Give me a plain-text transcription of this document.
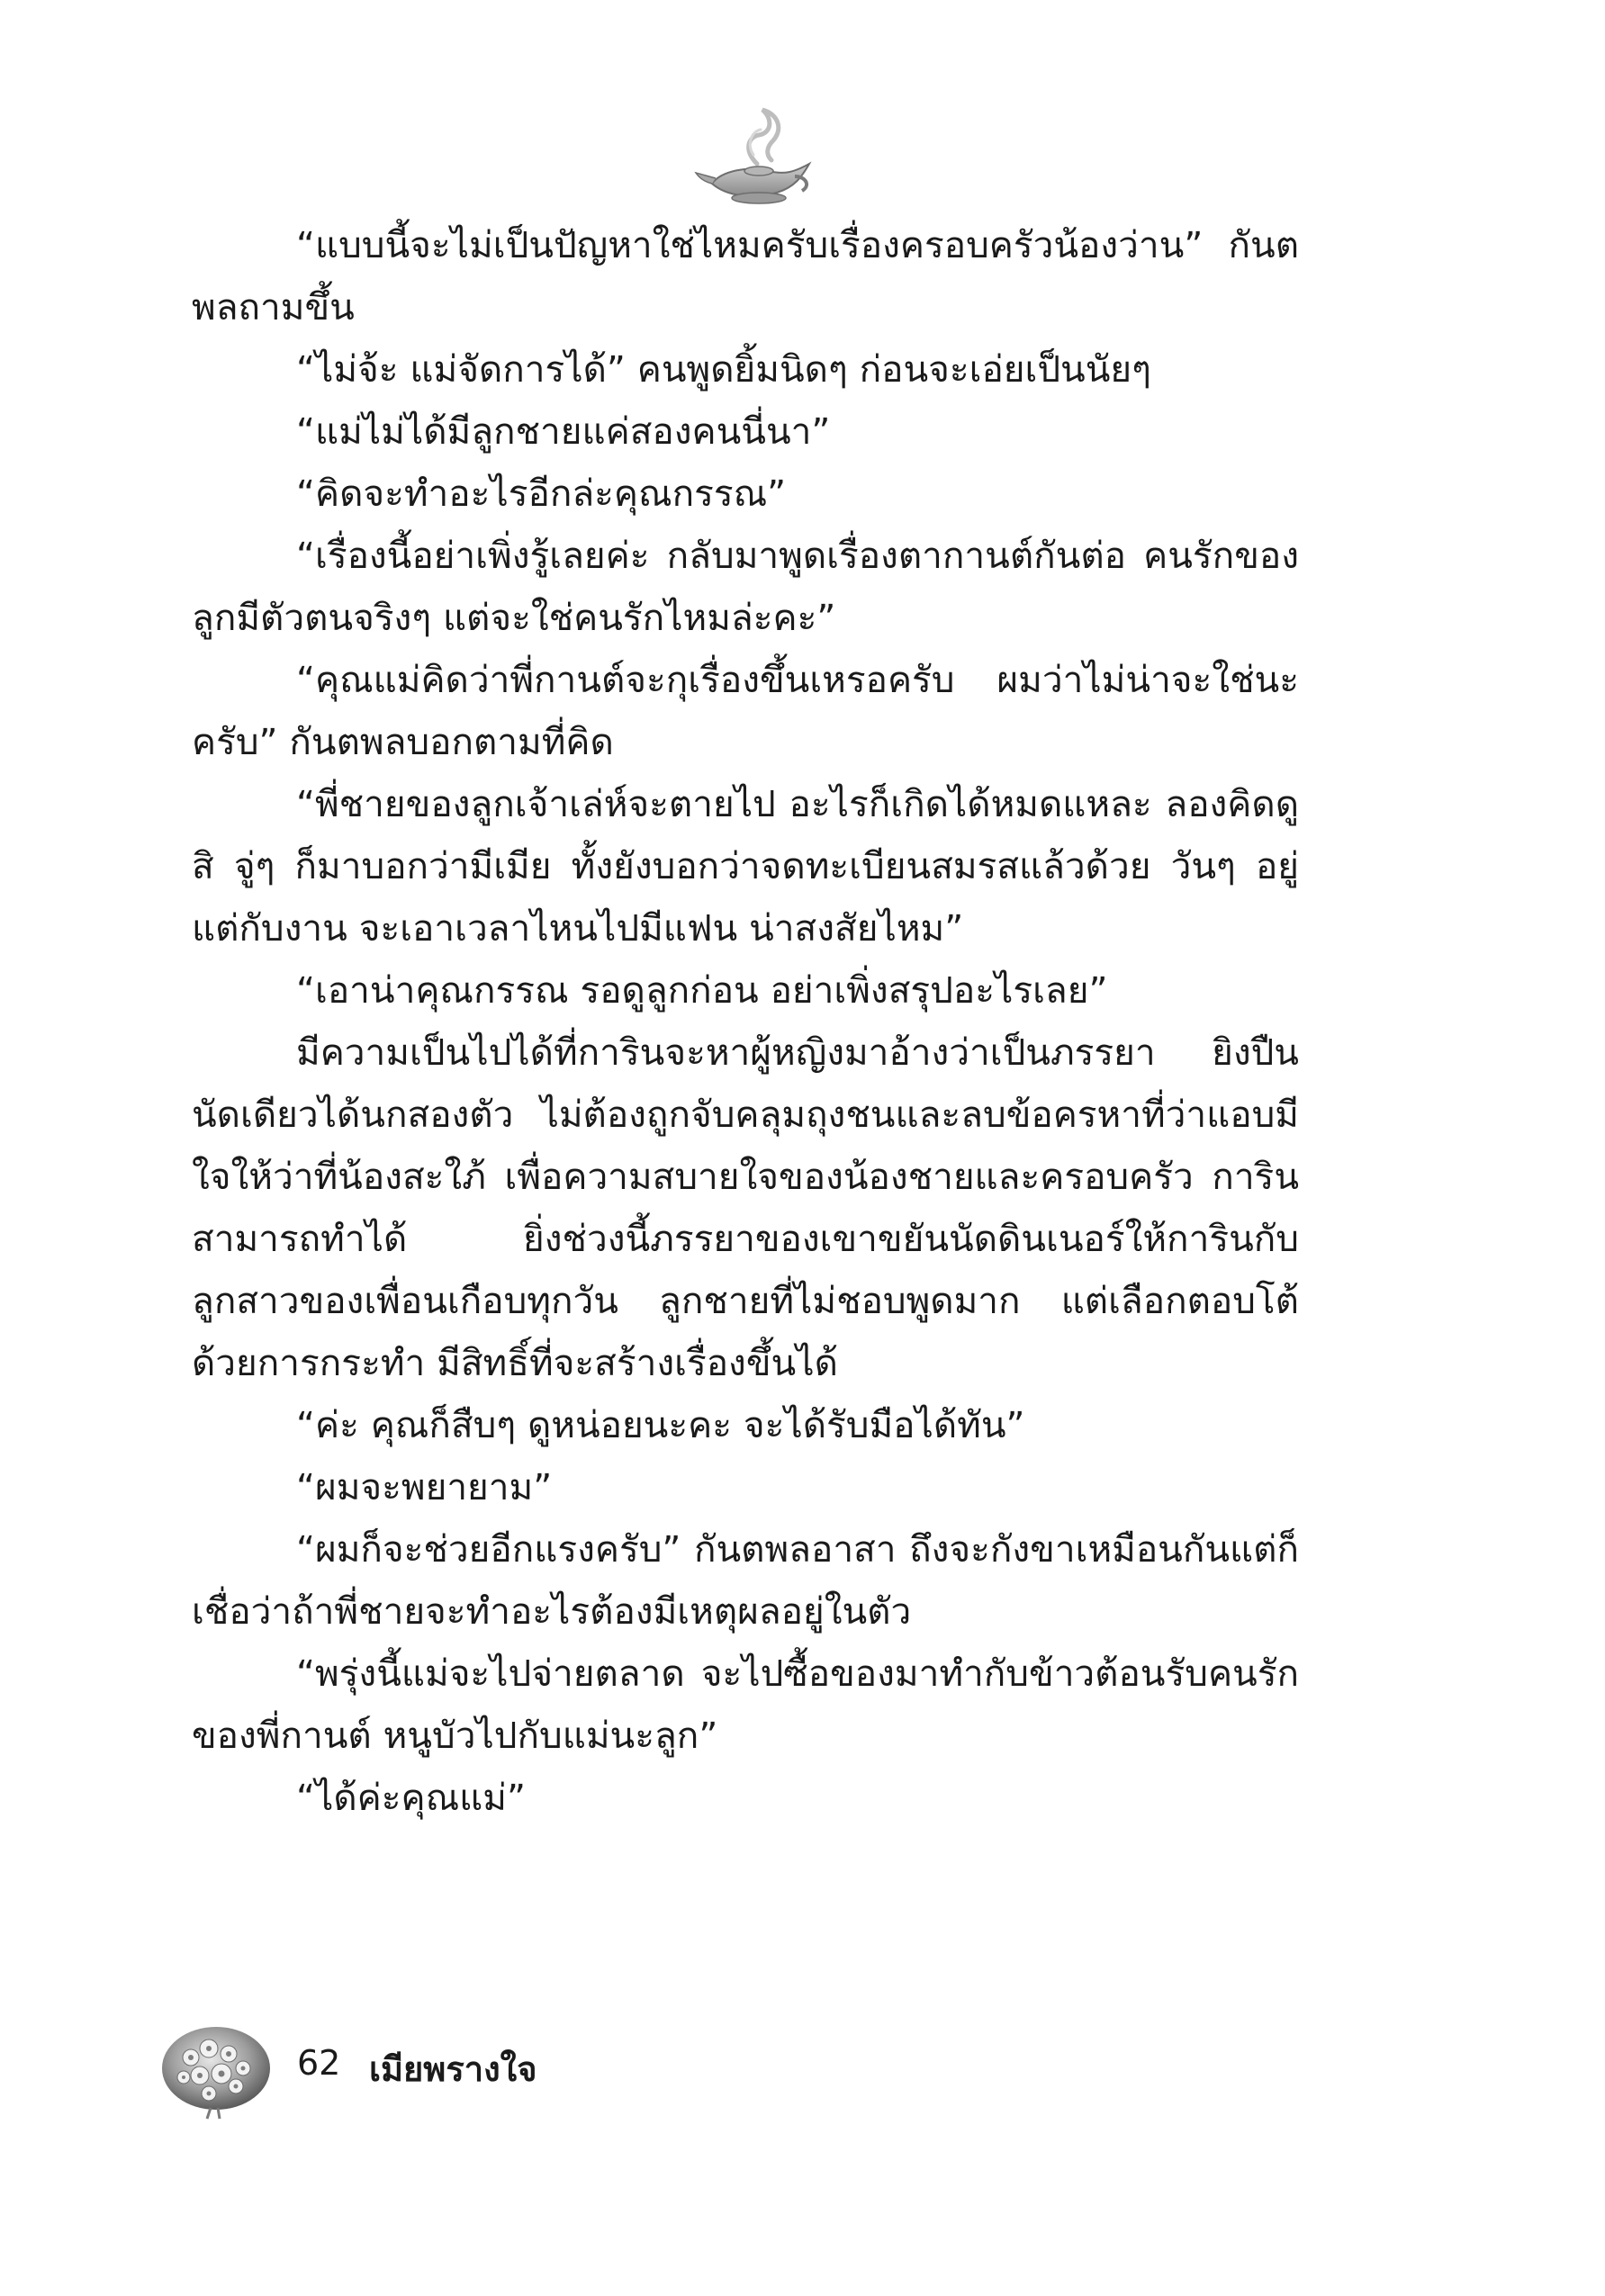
“แบบนี้จะไม่เป็นปัญหาใช่ไหมครับเรื่องครอบครัวน้องว่าน” กันตพลถามขึ้น

“ไม่จ้ะ แม่จัดการได้” คนพูดยิ้มนิดๆ ก่อนจะเอ่ยเป็นนัยๆ

“แม่ไม่ได้มีลูกชายแค่สองคนนี่นา”

“คิดจะทำอะไรอีกล่ะคุณกรรณ”

“เรื่องนี้อย่าเพิ่งรู้เลยค่ะ กลับมาพูดเรื่องตากานต์กันต่อ คนรักของลูกมีตัวตนจริงๆ แต่จะใช่คนรักไหมล่ะคะ”

“คุณแม่คิดว่าพี่กานต์จะกุเรื่องขึ้นเหรอครับ ผมว่าไม่น่าจะใช่นะครับ” กันตพลบอกตามที่คิด

“พี่ชายของลูกเจ้าเล่ห์จะตายไป อะไรก็เกิดได้หมดแหละ ลองคิดดูสิ จู่ๆ ก็มาบอกว่ามีเมีย ทั้งยังบอกว่าจดทะเบียนสมรสแล้วด้วย วันๆ อยู่แต่กับงาน จะเอาเวลาไหนไปมีแฟน น่าสงสัยไหม”

“เอาน่าคุณกรรณ รอดูลูกก่อน อย่าเพิ่งสรุปอะไรเลย”

มีความเป็นไปได้ที่การินจะหาผู้หญิงมาอ้างว่าเป็นภรรยา ยิงปืนนัดเดียวได้นกสองตัว ไม่ต้องถูกจับคลุมถุงชนและลบข้อครหาที่ว่าแอบมีใจให้ว่าที่น้องสะใภ้ เพื่อความสบายใจของน้องชายและครอบครัว การินสามารถทำได้ ยิ่งช่วงนี้ภรรยาของเขาขยันนัดดินเนอร์ให้การินกับลูกสาวของเพื่อนเกือบทุกวัน ลูกชายที่ไม่ชอบพูดมาก แต่เลือกตอบโต้ด้วยการกระทำ มีสิทธิ์ที่จะสร้างเรื่องขึ้นได้

“ค่ะ คุณก็สืบๆ ดูหน่อยนะคะ จะได้รับมือได้ทัน”

“ผมจะพยายาม”

“ผมก็จะช่วยอีกแรงครับ” กันตพลอาสา ถึงจะกังขาเหมือนกันแต่ก็เชื่อว่าถ้าพี่ชายจะทำอะไรต้องมีเหตุผลอยู่ในตัว

“พรุ่งนี้แม่จะไปจ่ายตลาด จะไปซื้อของมาทำกับข้าวต้อนรับคนรักของพี่กานต์ หนูบัวไปกับแม่นะลูก”

“ได้ค่ะคุณแม่”

62 เมียพรางใจ
